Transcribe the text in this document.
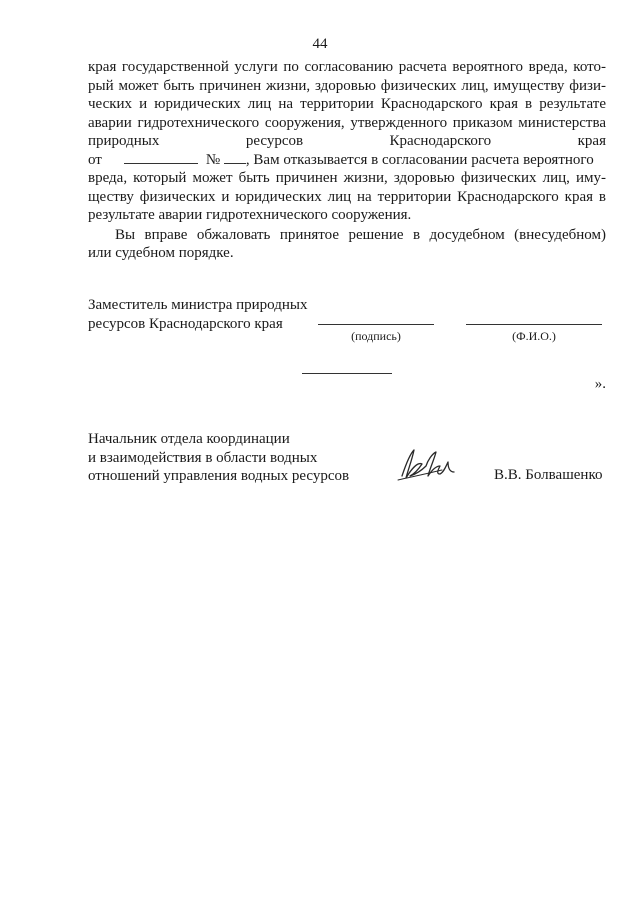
44
края государственной услуги по согласованию расчета вероятного вреда, кото-
рый может быть причинен жизни, здоровью физических лиц, имуществу физи-
ческих и юридических лиц на территории Краснодарского края в результате
аварии гидротехнического сооружения, утвержденного приказом министерства
природных ресурсов Краснодарского края
от	№ , Вам отказывается в согласовании расчета вероятного
вреда, который может быть причинен жизни, здоровью физических лиц, иму-
ществу физических и юридических лиц на территории Краснодарского края в
результате аварии гидротехнического сооружения.
Вы вправе обжаловать принятое решение в досудебном (внесудебном)
или судебном порядке.
Заместитель министра природных
ресурсов Краснодарского края
(подпись)	(Ф.И.О.)
».
Начальник отдела координации
и взаимодействия в области водных
отношений управления водных ресурсов	В.В. Болвашенко
